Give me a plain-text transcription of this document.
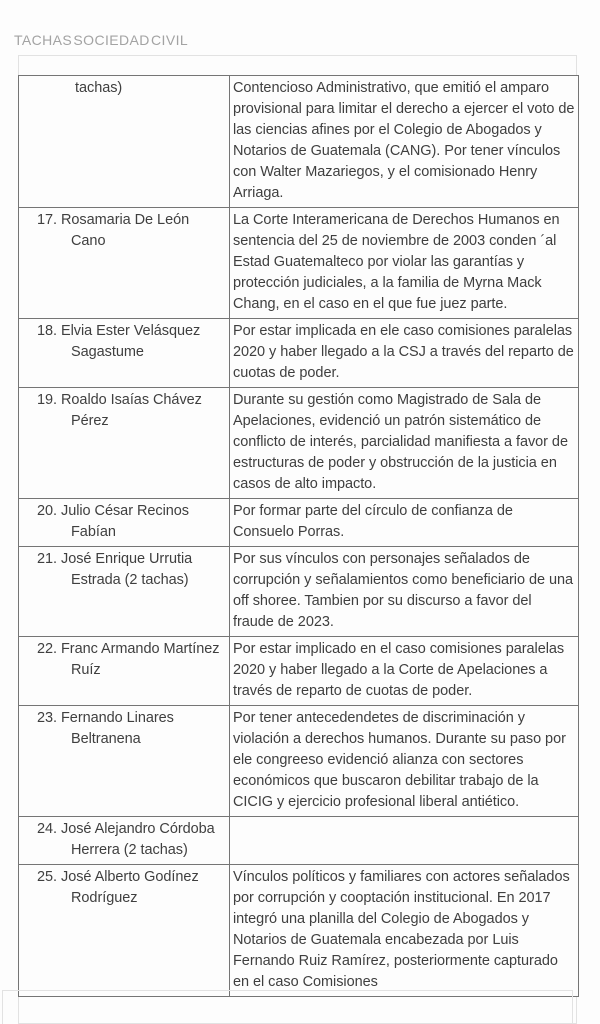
TACHAS SOCIEDAD CIVIL
tachas)	Contencioso Administrativo, que emitió el amparo provisional para limitar el derecho a ejercer el voto de las ciencias afines por el Colegio de Abogados y Notarios de Guatemala (CANG). Por tener vínculos con Walter Mazariegos, y el comisionado Henry Arriaga.

17. Rosamaria De León Cano	La Corte Interamericana de Derechos Humanos en sentencia del 25 de noviembre de 2003 conden ´al Estad Guatemalteco por violar las garantías y protección judiciales, a la familia de Myrna Mack Chang, en el caso en el que fue juez parte.

18. Elvia Ester Velásquez Sagastume	Por estar implicada en ele caso comisiones paralelas 2020 y haber llegado a la CSJ a través del reparto de cuotas de poder.

19. Roaldo Isaías Chávez Pérez	Durante su gestión como Magistrado de Sala de Apelaciones, evidenció un patrón sistemático de conflicto de interés, parcialidad manifiesta a favor de estructuras de poder y obstrucción de la justicia en casos de alto impacto.

20. Julio César Recinos Fabían	Por formar parte del círculo de confianza de Consuelo Porras.

21. José Enrique Urrutia Estrada (2 tachas)	Por sus vínculos con personajes señalados de corrupción y señalamientos como beneficiario de una off shoree. Tambien por su discurso a favor del fraude de 2023.

22. Franc Armando Martínez Ruíz	Por estar implicado en el caso comisiones paralelas 2020 y haber llegado a la Corte de Apelaciones a través de reparto de cuotas de poder.

23. Fernando Linares Beltranena	Por tener antecedendetes de discriminación y violación a derechos humanos. Durante su paso por ele congreeso evidenció alianza con sectores económicos que buscaron debilitar trabajo de la CICIG y ejercicio profesional liberal antiético.

24. José Alejandro Córdoba Herrera (2 tachas)	

25. José Alberto Godínez Rodríguez	Vínculos políticos y familiares con actores señalados por corrupción y cooptación institucional. En 2017 integró una planilla del Colegio de Abogados y Notarios de Guatemala encabezada por Luis Fernando Ruiz Ramírez, posteriormente capturado en el caso Comisiones
